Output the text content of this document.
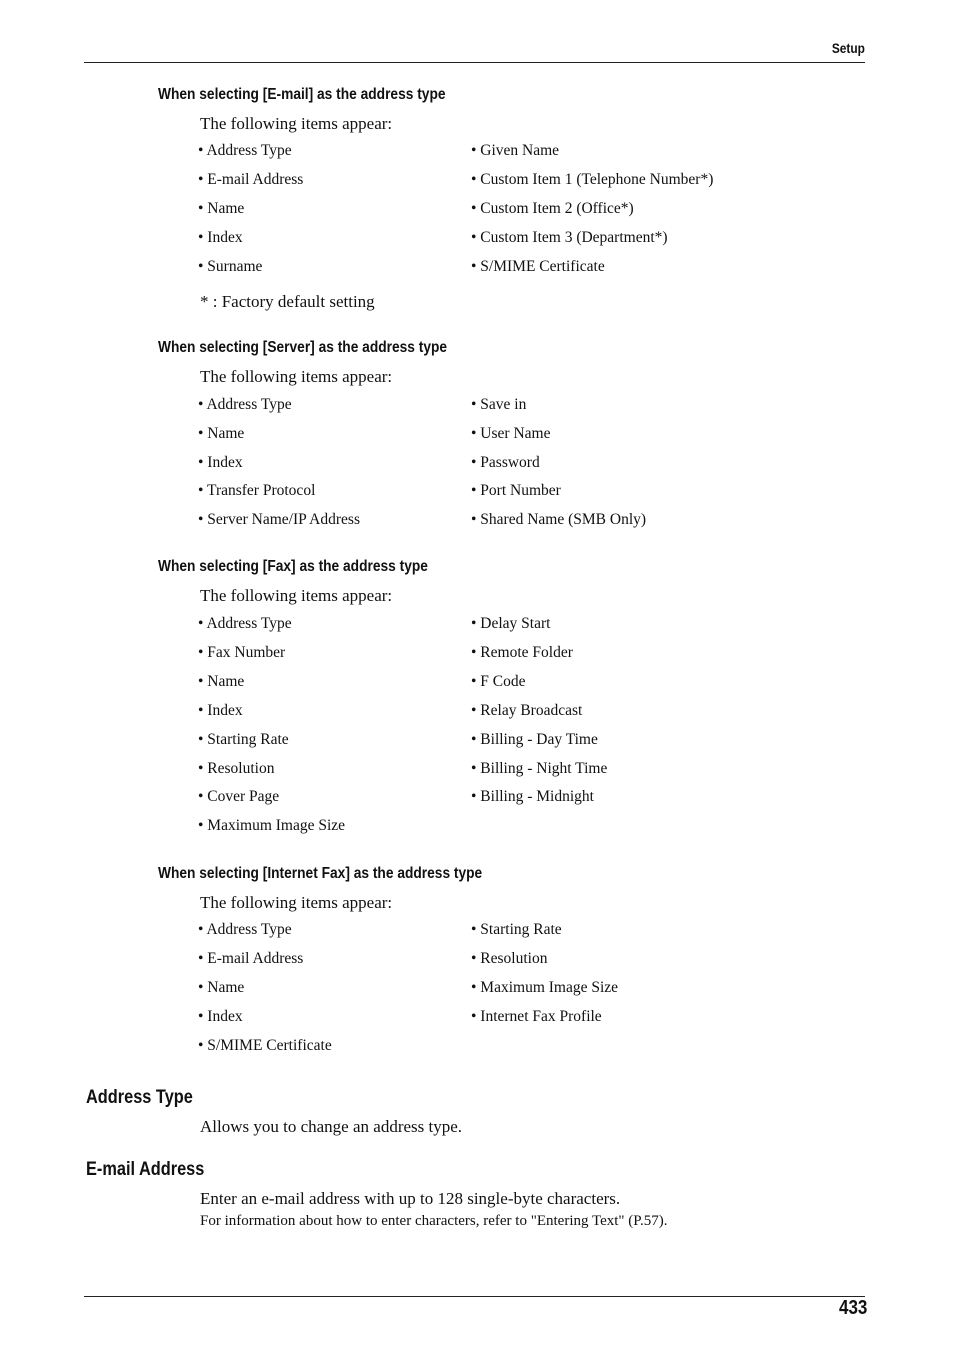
Setup
When selecting [E-mail] as the address type
The following items appear:
• Address Type
• E-mail Address
• Name
• Index
• Surname
• Given Name
• Custom Item 1 (Telephone Number*)
• Custom Item 2 (Office*)
• Custom Item 3 (Department*)
• S/MIME Certificate
* : Factory default setting
When selecting [Server] as the address type
The following items appear:
• Address Type
• Name
• Index
• Transfer Protocol
• Server Name/IP Address
• Save in
• User Name
• Password
• Port Number
• Shared Name (SMB Only)
When selecting [Fax] as the address type
The following items appear:
• Address Type
• Fax Number
• Name
• Index
• Starting Rate
• Resolution
• Cover Page
• Maximum Image Size
• Delay Start
• Remote Folder
• F Code
• Relay Broadcast
• Billing - Day Time
• Billing - Night Time
• Billing - Midnight
When selecting [Internet Fax] as the address type
The following items appear:
• Address Type
• E-mail Address
• Name
• Index
• S/MIME Certificate
• Starting Rate
• Resolution
• Maximum Image Size
• Internet Fax Profile
Address Type
Allows you to change an address type.
E-mail Address
Enter an e-mail address with up to 128 single-byte characters.
For information about how to enter characters, refer to "Entering Text" (P.57).
433
